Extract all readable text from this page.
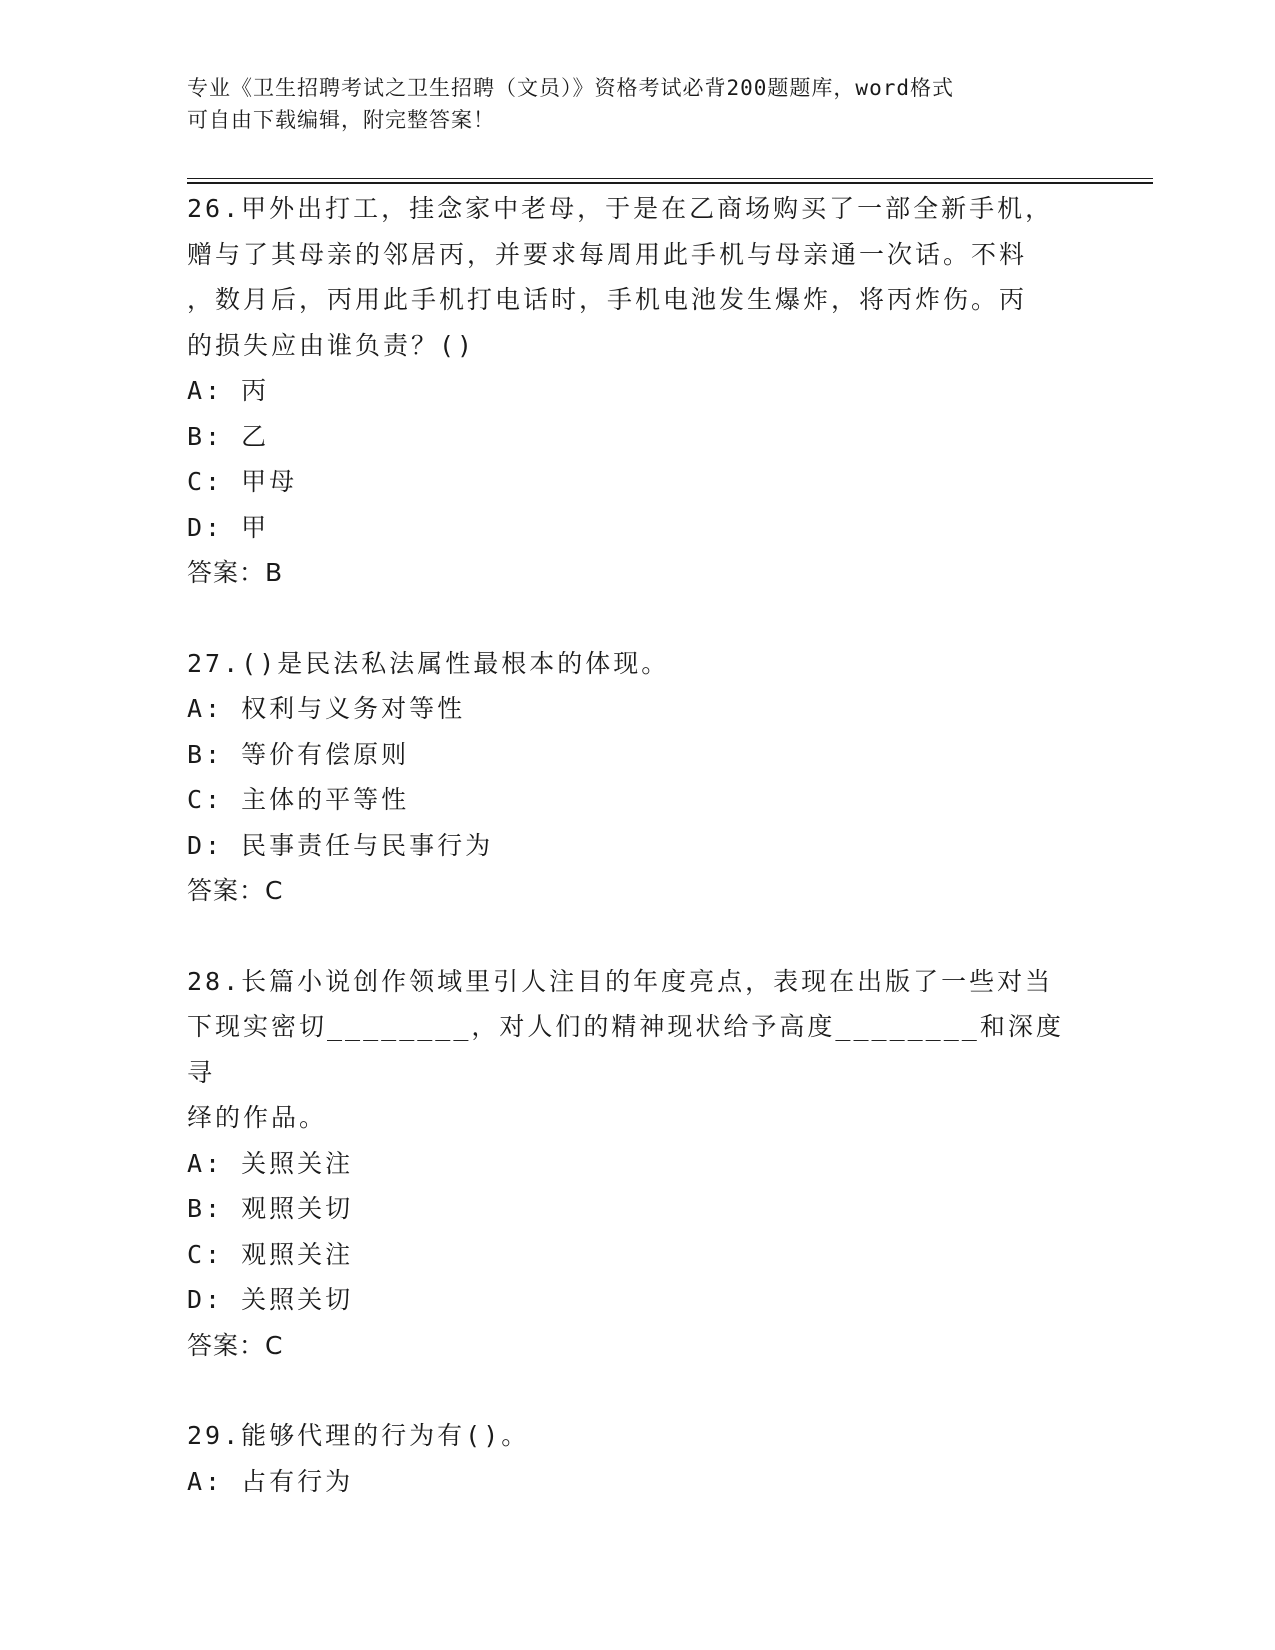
专业《卫生招聘考试之卫生招聘（文员）》资格考试必背200题题库，word格式
可自由下载编辑，附完整答案！
26.甲外出打工，挂念家中老母，于是在乙商场购买了一部全新手机，
赠与了其母亲的邻居丙，并要求每周用此手机与母亲通一次话。不料
，数月后，丙用此手机打电话时，手机电池发生爆炸，将丙炸伤。丙
的损失应由谁负责？()
A: 丙
B: 乙
C: 甲母
D: 甲
答案：B
27.()是民法私法属性最根本的体现。
A: 权利与义务对等性
B: 等价有偿原则
C: 主体的平等性
D: 民事责任与民事行为
答案：C
28.长篇小说创作领域里引人注目的年度亮点，表现在出版了一些对当
下现实密切________，对人们的精神现状给予高度________和深度寻
绎的作品。
A: 关照关注
B: 观照关切
C: 观照关注
D: 关照关切
答案：C
29.能够代理的行为有()。
A: 占有行为
